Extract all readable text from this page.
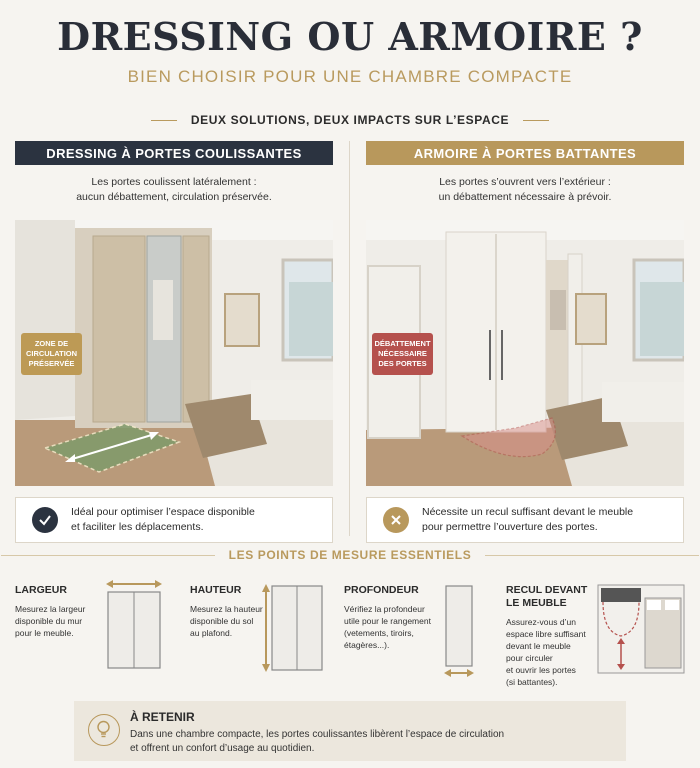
DRESSING OU ARMOIRE ?
BIEN CHOISIR POUR UNE CHAMBRE COMPACTE
DEUX SOLUTIONS, DEUX IMPACTS SUR L’ESPACE
DRESSING À PORTES COULISSANTES
Les portes coulissent latéralement :
aucun débattement, circulation préservée.
ZONE DE
CIRCULATION
PRÉSERVÉE
Idéal pour optimiser l’espace disponible
et faciliter les déplacements.
ARMOIRE À PORTES BATTANTES
Les portes s’ouvrent vers l’extérieur :
un débattement nécessaire à prévoir.
DÉBATTEMENT
NÉCESSAIRE
DES PORTES
Nécessite un recul suffisant devant le meuble
pour permettre l’ouverture des portes.
LES POINTS DE MESURE ESSENTIELS
LARGEUR
Mesurez la largeur
disponible du mur
pour le meuble.
HAUTEUR
Mesurez la hauteur
disponible du sol
au plafond.
PROFONDEUR
Vérifiez la profondeur
utile pour le rangement
(vetements, tiroirs,
étagères...).
RECUL DEVANT
LE MEUBLE
Assurez-vous d’un
espace libre suffisant
devant le meuble
pour circuler
et ouvrir les portes
(si battantes).
À RETENIR
Dans une chambre compacte, les portes coulissantes libèrent l’espace de circulation
et offrent un confort d’usage au quotidien.
